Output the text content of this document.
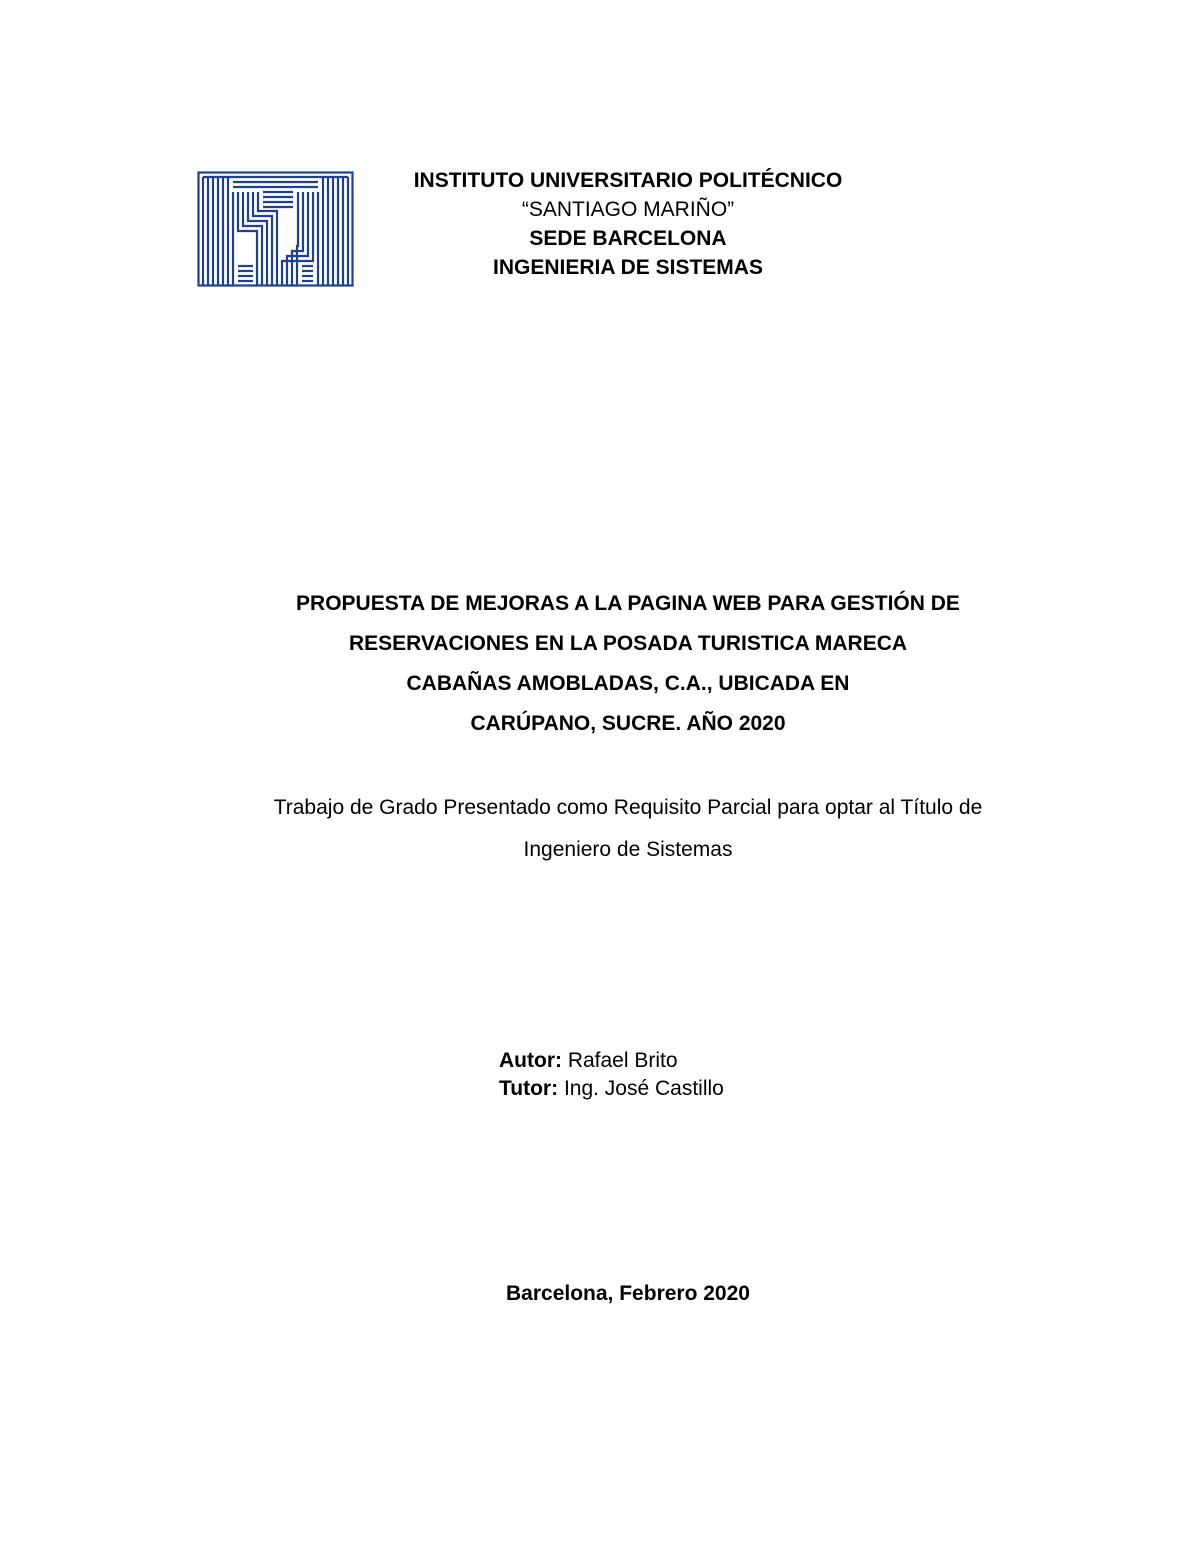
INSTITUTO UNIVERSITARIO POLITÉCNICO
“SANTIAGO MARIÑO”
SEDE BARCELONA
INGENIERIA DE SISTEMAS
PROPUESTA DE MEJORAS A LA PAGINA WEB PARA GESTIÓN DE
RESERVACIONES EN LA POSADA TURISTICA MARECA
CABAÑAS AMOBLADAS, C.A., UBICADA EN
CARÚPANO, SUCRE. AÑO 2020
Trabajo de Grado Presentado como Requisito Parcial para optar al Título de
Ingeniero de Sistemas
Autor: Rafael Brito
Tutor: Ing. José Castillo
Barcelona, Febrero 2020
